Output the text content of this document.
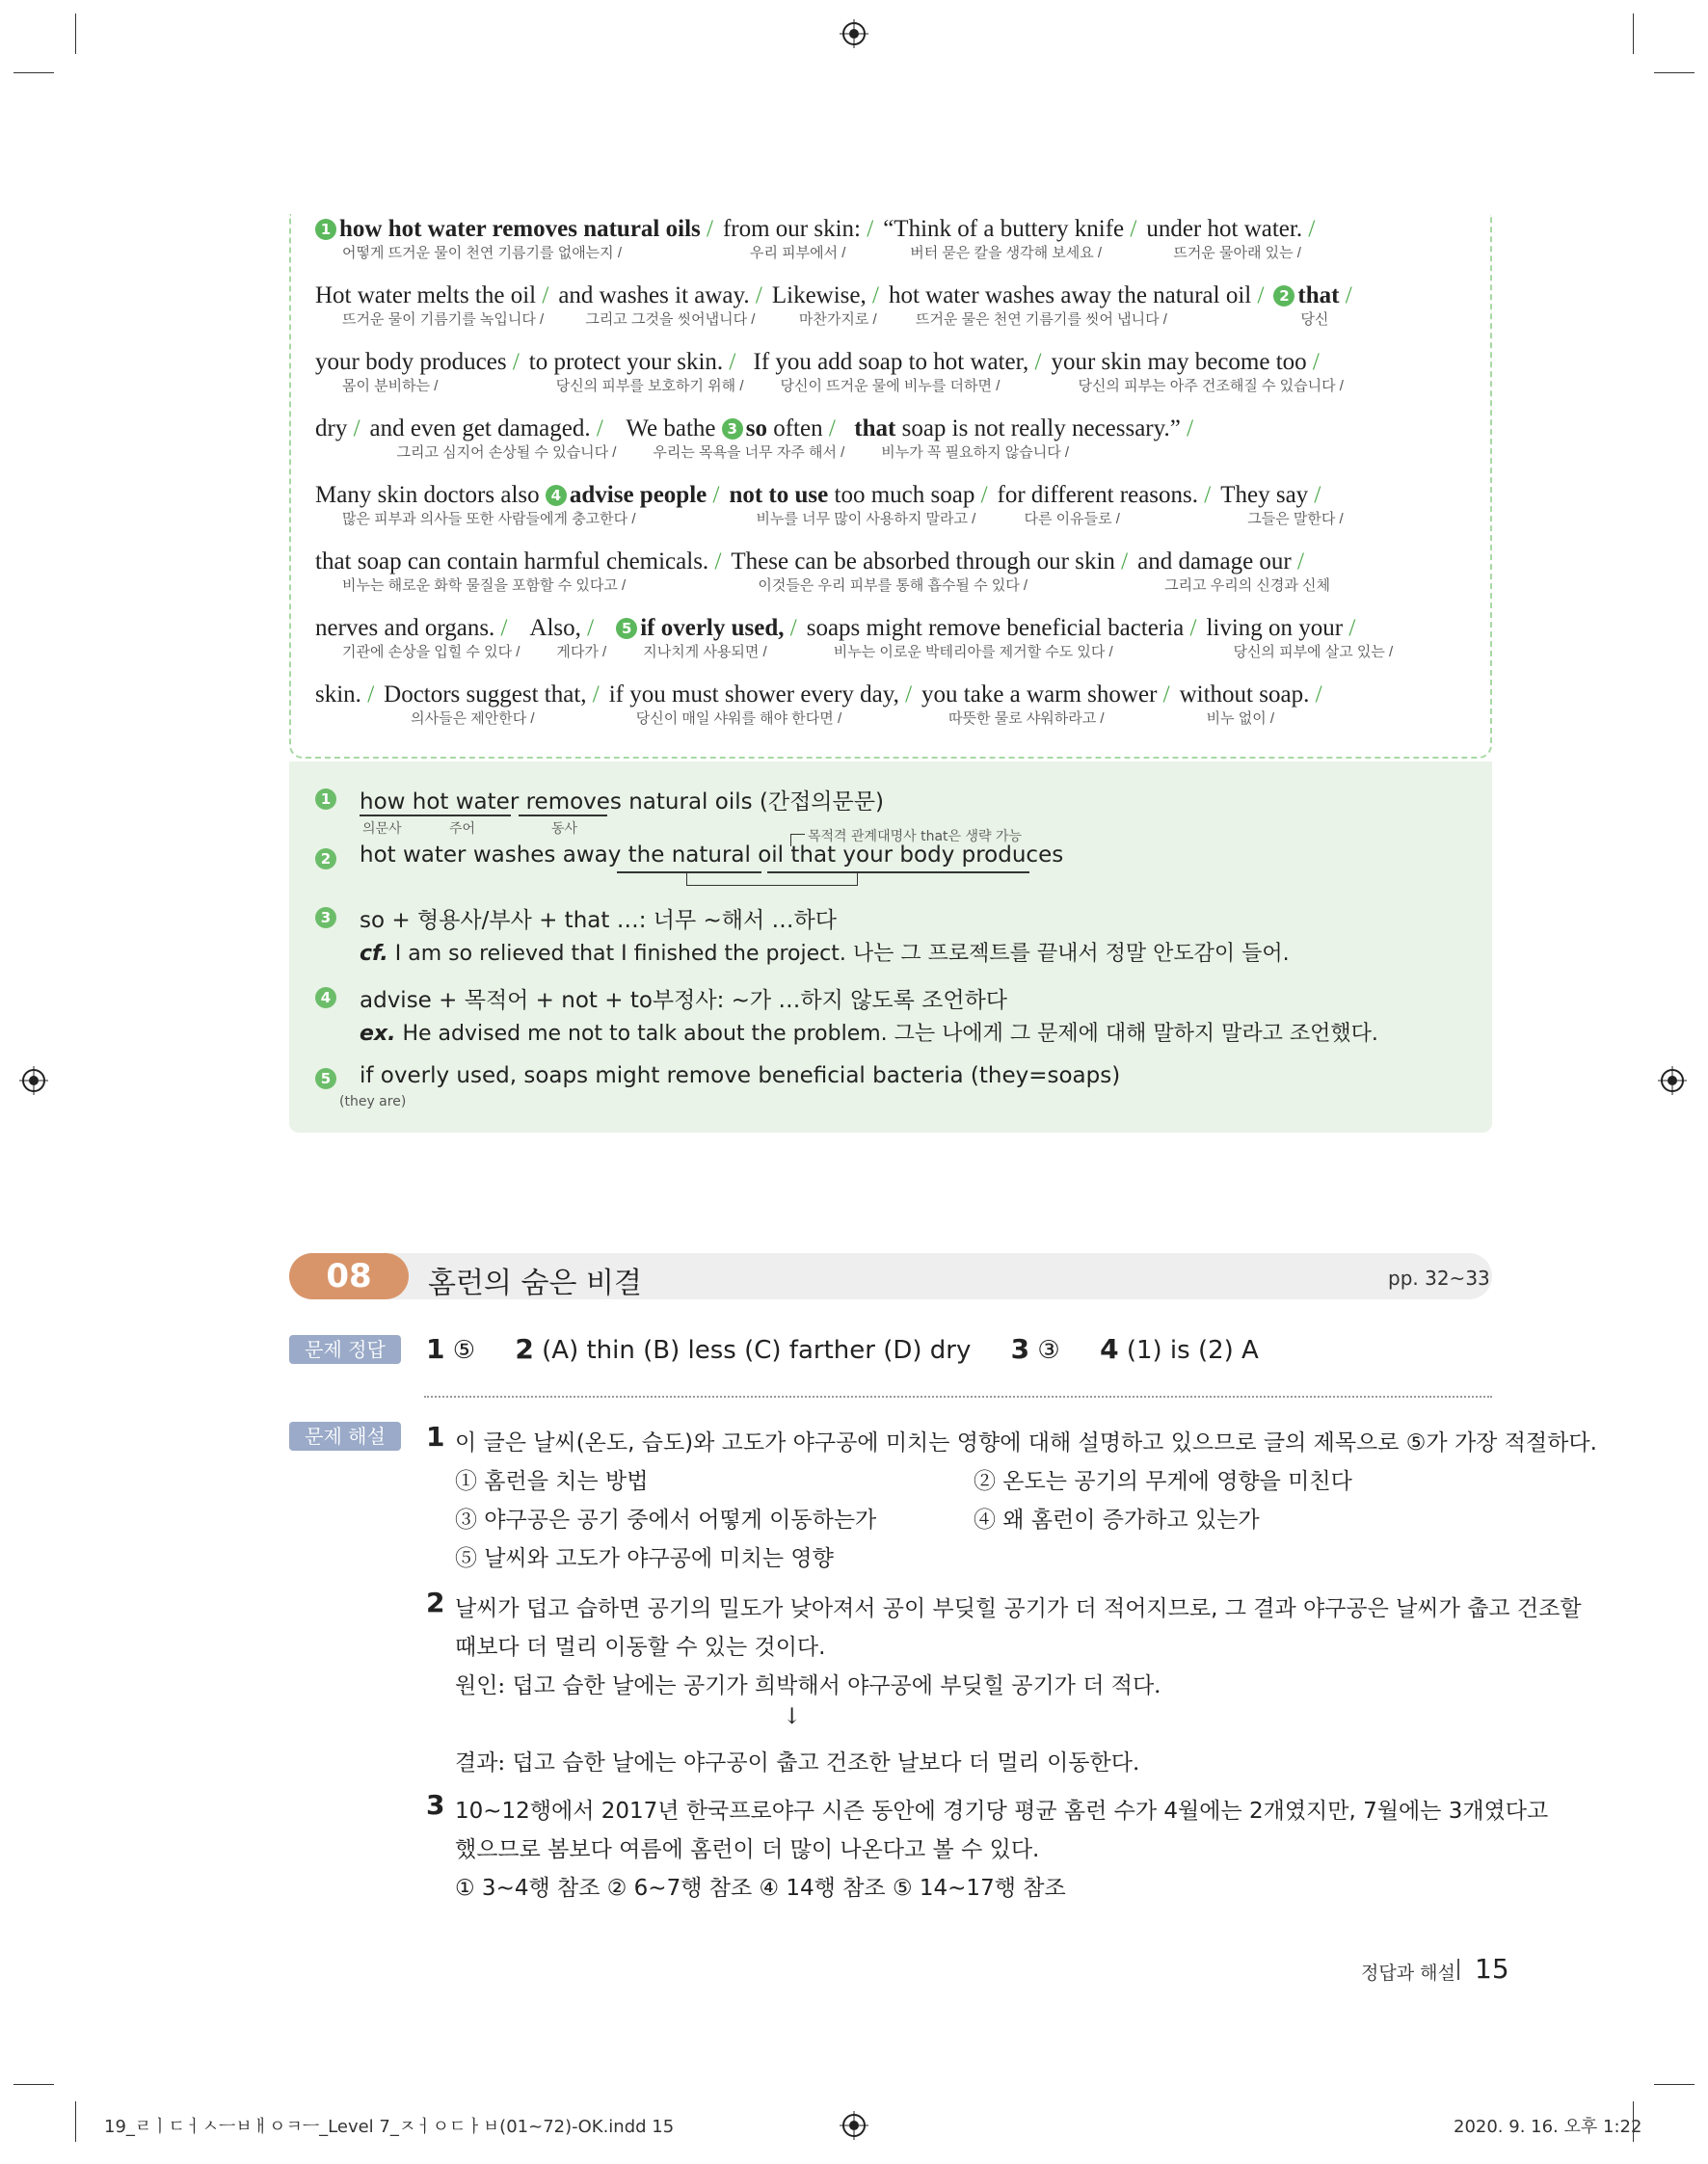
1 how hot water removes natural oils /
어떻게 뜨거운 물이 천연 기름기를 없애는지 /
from our skin: /
우리 피부에서 /
“Think of a buttery knife /
버터 묻은 칼을 생각해 보세요 /
under hot water. /
뜨거운 물아래 있는 /
Hot water melts the oil /
뜨거운 물이 기름기를 녹입니다 /
and washes it away. /
그리고 그것을 씻어냅니다 /
Likewise, /
마찬가지로 /
hot water washes away the natural oil /
뜨거운 물은 천연 기름기를 씻어 냅니다 /
2 that /
당신
your body produces /
몸이 분비하는 /
to protect your skin. /
당신의 피부를 보호하기 위해 /
If you add soap to hot water, /
당신이 뜨거운 물에 비누를 더하면 /
your skin may become too /
당신의 피부는 아주 건조해질 수 있습니다 /
dry / and even get damaged. /
그리고 심지어 손상될 수 있습니다 /
We bathe 3 so often /
우리는 목욕을 너무 자주 해서 /
that soap is not really necessary.” /
비누가 꼭 필요하지 않습니다 /
Many skin doctors also 4 advise people /
많은 피부과 의사들 또한 사람들에게 충고한다 /
not to use too much soap /
비누를 너무 많이 사용하지 말라고 /
for different reasons. /
다른 이유들로 /
They say /
그들은 말한다 /
that soap can contain harmful chemicals. /
비누는 해로운 화학 물질을 포함할 수 있다고 /
These can be absorbed through our skin /
이것들은 우리 피부를 통해 흡수될 수 있다 /
and damage our /
그리고 우리의 신경과 신체
nerves and organs. /
기관에 손상을 입힐 수 있다 /
Also, /
게다가 /
5 if overly used, /
지나치게 사용되면 /
soaps might remove beneficial bacteria /
비누는 이로운 박테리아를 제거할 수도 있다 /
living on your /
당신의 피부에 살고 있는 /
skin. / Doctors suggest that, /
의사들은 제안한다 /
if you must shower every day, /
당신이 매일 샤워를 해야 한다면 /
you take a warm shower /
따뜻한 물로 샤워하라고 /
without soap. /
비누 없이 /
1 how hot water removes natural oils (간접의문문)
의문사	주어	동사	목적격 관계대명사 that은 생략 가능
2 hot water washes away the natural oil that your body produces
3 so + 형용사/부사 + that …: 너무 ~해서 …하다
cf. I am so relieved that I finished the project. 나는 그 프로젝트를 끝내서 정말 안도감이 들어.
4 advise + 목적어 + not + to부정사: ~가 …하지 않도록 조언하다
ex. He advised me not to talk about the problem. 그는 나에게 그 문제에 대해 말하지 말라고 조언했다.
5 if overly used, soaps might remove beneficial bacteria (they=soaps)
(they are)
08	홈런의 숨은 비결	pp. 32~33
문제 정답	1 ⑤ 2 (A) thin (B) less (C) farther (D) dry 3 ③ 4 (1) is (2) A
문제 해설	1 이 글은 날씨(온도, 습도)와 고도가 야구공에 미치는 영향에 대해 설명하고 있으므로 글의 제목으로 ⑤가 가장 적절하다.
① 홈런을 치는 방법	② 온도는 공기의 무게에 영향을 미친다
③ 야구공은 공기 중에서 어떻게 이동하는가	④ 왜 홈런이 증가하고 있는가
⑤ 날씨와 고도가 야구공에 미치는 영향
2 날씨가 덥고 습하면 공기의 밀도가 낮아져서 공이 부딪힐 공기가 더 적어지므로, 그 결과 야구공은 날씨가 춥고 건조할
때보다 더 멀리 이동할 수 있는 것이다.
원인: 덥고 습한 날에는 공기가 희박해서 야구공에 부딪힐 공기가 더 적다.
↓
결과: 덥고 습한 날에는 야구공이 춥고 건조한 날보다 더 멀리 이동한다.
3 10~12행에서 2017년 한국프로야구 시즌 동안에 경기당 평균 홈런 수가 4월에는 2개였지만, 7월에는 3개였다고
했으므로 봄보다 여름에 홈런이 더 많이 나온다고 볼 수 있다.
① 3~4행 참조 ② 6~7행 참조 ④ 14행 참조 ⑤ 14~17행 참조
정답과 해설 15
19_ㄹㅣㄷㅓㅅㅡㅂㅐㅇㅋㅡ_Level 7_ㅈㅓㅇㄷㅏㅂ(01~72)-OK.indd 15	2020. 9. 16. 오후 1:22
